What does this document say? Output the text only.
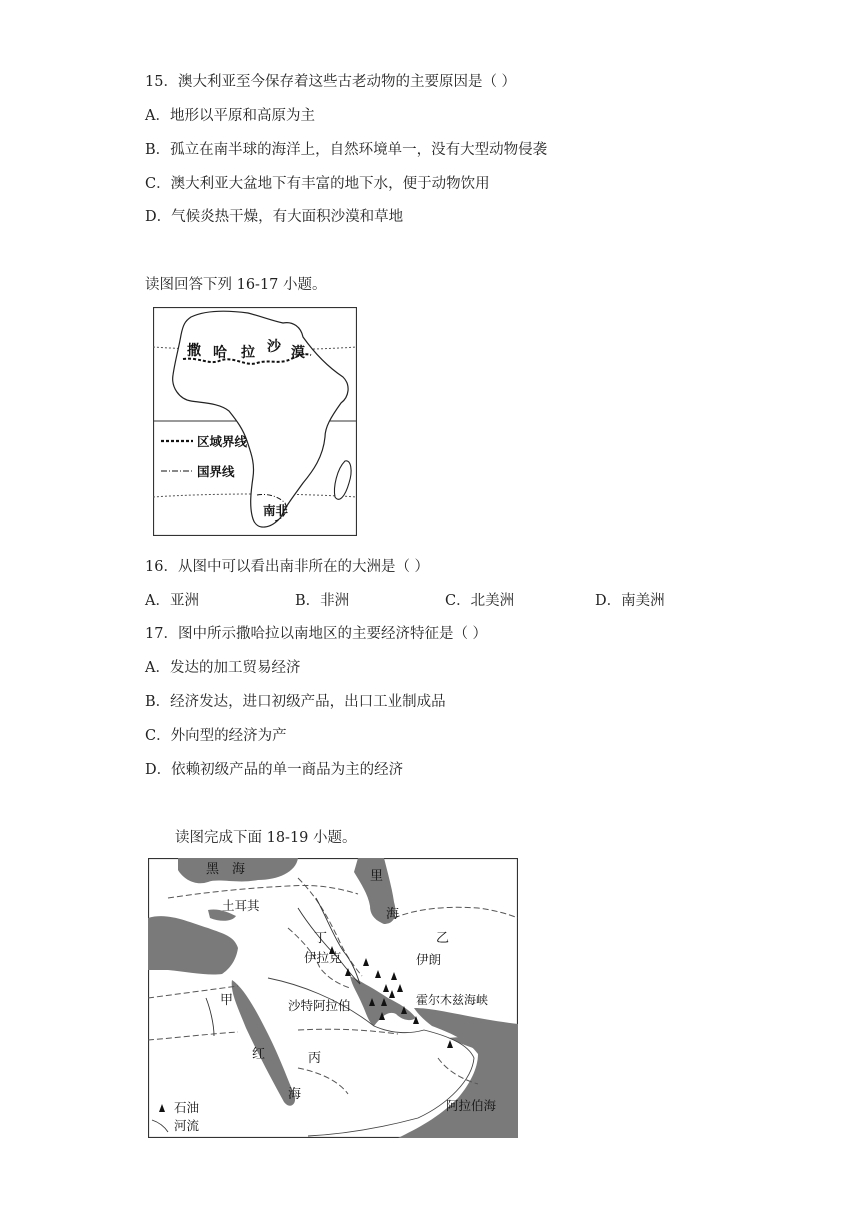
15．澳大利亚至今保存着这些古老动物的主要原因是（ ）
A．地形以平原和高原为主
B．孤立在南半球的海洋上，自然环境单一，没有大型动物侵袭
C．澳大利亚大盆地下有丰富的地下水，便于动物饮用
D．气候炎热干燥，有大面积沙漠和草地
读图回答下列 16-17 小题。
撒 哈 拉 沙 漠
区域界线
国界线
南非
16．从图中可以看出南非所在的大洲是（ ）
A．亚洲	B．非洲	C．北美洲	D．南美洲
17．图中所示撒哈拉以南地区的主要经济特征是（ ）
A．发达的加工贸易经济
B．经济发达，进口初级产品，出口工业制成品
C．外向型的经济为产
D．依赖初级产品的单一商品为主的经济
读图完成下面 18-19 小题。
黑 海	里
海
土耳其
丁
伊拉克
乙
伊朗
甲
红
海
沙特阿拉伯	霍尔木兹海峡
丙
阿拉伯海
石油
河流
